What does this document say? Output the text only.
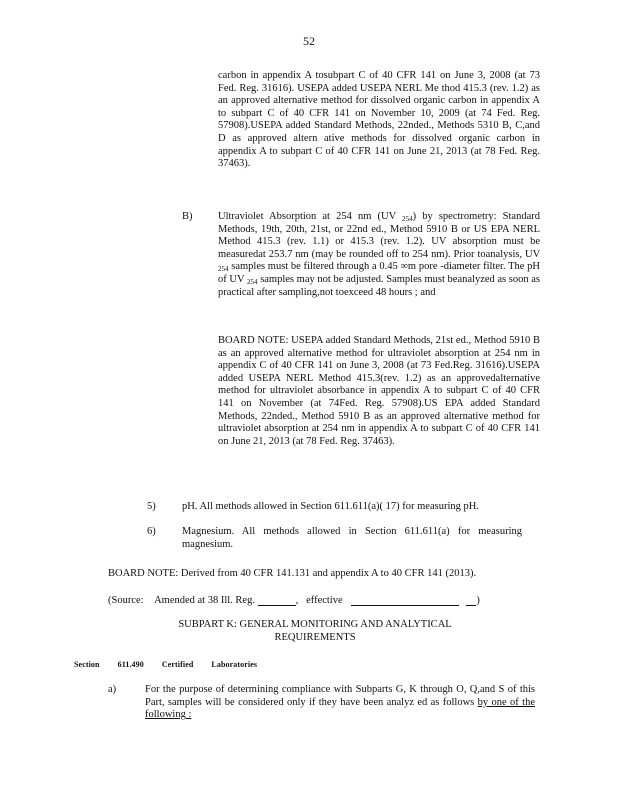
52
carbon in appendix A tosubpart C of 40 CFR 141 on June 3, 2008 (at 73 Fed. Reg. 31616). USEPA added USEPA NERL Me thod 415.3 (rev. 1.2) as an approved alternative method for dissolved organic carbon in appendix A to subpart C of 40 CFR 141 on November 10, 2009 (at 74 Fed. Reg. 57908).USEPA added Standard Methods, 22nded., Methods 5310 B, C,and D as approved altern ative methods for dissolved organic carbon in appendix A to subpart C of 40 CFR 141 on June 21, 2013 (at 78 Fed. Reg. 37463).
B) Ultraviolet Absorption at 254 nm (UV $_{254}$) by spectrometry: Standard Methods, 19th, 20th, 21st, or 22nd ed., Method 5910 B or US EPA NERL Method 415.3 (rev. 1.1) or 415.3 (rev. 1.2). UV absorption must be measuredat 253.7 nm (may be rounded off to 254 nm). Prior toanalysis, UV $_{254}$ samples must be filtered through a 0.45 ∞m pore -diameter filter. The pH of UV $_{254}$ samples may not be adjusted. Samples must beanalyzed as soon as practical after sampling,not toexceed 48 hours ; and
BOARD NOTE: USEPA added Standard Methods, 21st ed., Method 5910 B as an approved alternative method for ultraviolet absorption at 254 nm in appendix C of 40 CFR 141 on June 3, 2008 (at 73 Fed.Reg. 31616).USEPA added USEPA NERL Method 415.3(rev. 1.2) as an approvedalternative method for ultraviolet absorbance in appendix A to subpart C of 40 CFR 141 on November (at 74Fed. Reg. 57908).US EPA added Standard Methods, 22nded., Method 5910 B as an approved alternative method for ultraviolet absorption at 254 nm in appendix A to subpart C of 40 CFR 141 on June 21, 2013 (at 78 Fed. Reg. 37463).
5)	pH. All methods allowed in Section 611.611(a)( 17) for measuring pH.
6)	Magnesium. All methods allowed in Section 611.611(a) for measuring magnesium.
BOARD NOTE: Derived from 40 CFR 141.131 and appendix A to 40 CFR 141 (2013).
(Source: Amended at 38 Ill. Reg.	, effective	)
SUBPART K: GENERAL MONITORING AND ANALYTICAL REQUIREMENTS
Section 611.490 Certified Laboratories
a)	For the purpose of determining compliance with Subparts G, K through O, Q,and S of this Part, samples will be considered only if they have been analyz ed as follows by one of the following :
